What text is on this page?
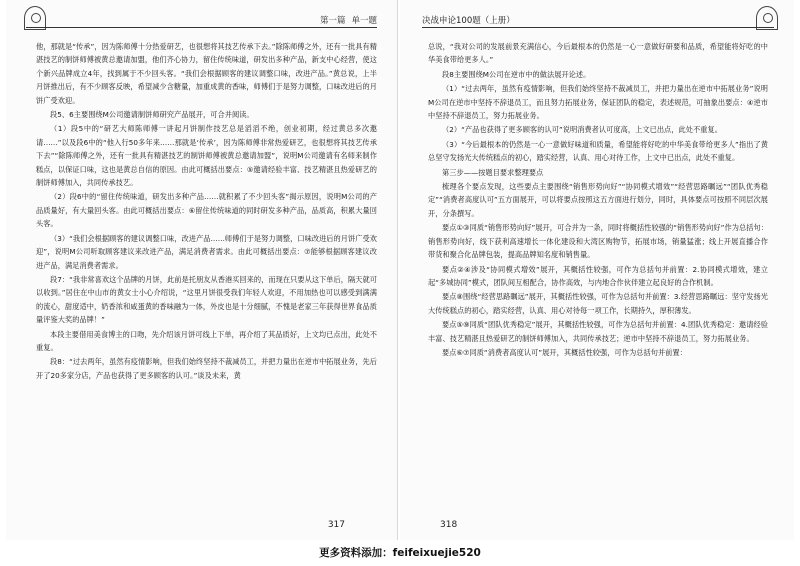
第一篇 单一题

他，那就是“传承”，因为陈师傅十分热爱研艺，也很想将其技艺传承下去。”除陈师傅之外，还有一批具有精湛技艺的制饼师傅被黄总邀请加盟，他们齐心协力，留住传统味道，研发出多种产品，新支中心经营，使这个新兴品牌成立4年，找到属于不少回头客。“我们会根据顾客的建议调整口味，改进产品。”黄总说，上半月饼推出后，有不少顾客反映，希望减少含糖量，加重成黄的香味，师傅们于是努力调整，口味改进后的月饼广受欢迎。

段5、6主要围绕M公司邀请制饼师研究产品展开，可合并阅读。

（1）段5中的“研艺大师陈师傅一讲起月饼制作技艺总是滔滔不绝，创业初期，经过黄总多次邀请……”以及段6中的“他入行50多年来……那就是‘传承’，因为陈师傅非常热爱研艺，也很想将其技艺传承下去”“除陈师傅之外，还有一批具有精湛技艺的制饼师傅被黄总邀请加盟”，说明M公司邀请有名师来制作糕点，以保证口味，这也是黄总自信的原因。由此可概括出要点：⑤邀请经验丰富、技艺精湛且热爱研艺的制饼师傅加入，共同传承技艺。

（2）段6中的“留住传统味道，研发出多种产品……就积累了不少回头客”揭示原因，说明M公司的产品质量好，有大量回头客。由此可概括出要点：⑥留住传统味道的同时研发多种产品，品质高，积累大量回头客。

（3）“我们会根据顾客的建议调整口味，改进产品……师傅们于是努力调整，口味改进后的月饼广受欢迎”，说明M公司听取顾客建议来改进产品，满足消费者需求。由此可概括出要点：⑦能够根据顾客建议改进产品，满足消费者需求。

段7：“我非常喜欢这个品牌的月饼，此前是托朋友从香港买回来的，而现在只要从这下单后，隔天就可以收到。”居住在中山市的黄女士小心介绍说，“这里月饼很受我们年轻人欢迎，不用加热也可以感受到满满的流心，甜度适中，奶香浓和咸蛋黄的香味融为一体，外皮也是十分细腻，不愧是老家三年获得世界食品质量评鉴大奖的品牌！”

本段主要借用美食博主的口吻，先介绍该月饼可线上下单，再介绍了其品质好，上文均已点出，此处不重复。

段8：“过去两年，虽然有疫情影响，但我们始终坚持不裁减员工，并把力量出在逆市中拓展业务，先后开了20多家分店，产品也获得了更多顾客的认可。”谈及未来，黄

317
决战申论100题（上册）

总说，“我对公司的发展前景充满信心，今后最根本的仍然是一心一意做好研要和品质，希望能将好吃的中华美食带给更多人。”

段8主要围绕M公司在逆市中的做法展开论述。

（1）“过去两年，虽然有疫情影响，但我们始终坚持不裁减员工，并把力量出在逆市中拓展业务”说明M公司在逆市中坚持不辞退员工，而且努力拓展业务，保证团队的稳定，表述规范，可抽象出要点：④逆市中坚持不辞退员工，努力拓展业务。

（2）“产品也获得了更多顾客的认可”说明消费者认可度高，上文已出点，此处不重复。

（3）“今后最根本的仍然是一心一意做好味道和质量，希望能将好吃的中华美食带给更多人”指出了黄总坚守发扬光大传统糕点的初心，踏实经营，认真、用心对待工作，上文中已出点，此处不重复。

第三步——按题目要求整理要点

梳理各个要点发现，这些要点主要围绕“销售形势向好”“协同模式增效”“经营思路瞩远”“团队优秀稳定”“消费者高度认可”五方面展开，可以将要点按照这五方面进行划分，同时，具体要点可按照不同层次展开，分条撰写。

要点①③同质“销售形势向好”展开，可合并为一条，同时将概括性较强的“销售形势向好”作为总括句：销售形势向好，线下获利高速增长一体化建设和大湾区购物节，拓展市场，销量猛涨；线上开展直播合作带货和聚合化品牌包装，提高品牌知名度和销售量。

要点②④涉及“协同模式增效”展开，其概括性较强，可作为总括句并前置：2.协同模式增效，建立起“多城协同”模式，团队间互相配合，协作高效，与内地合作伙伴建立起良好的合作机制。

要点⑧围绕“经营思路瞩远”展开，其概括性较强，可作为总括句并前置：3.经营思路瞩远：坚守发扬光大传统糕点的初心，踏实经营，认真、用心对待每一项工作，长期持久，厚积薄发。

要点⑤⑨同质“团队优秀稳定”展开，其概括性较强，可作为总括句并前置：4.团队优秀稳定：邀请经验丰富、技艺精湛且热爱研艺的制饼师傅加入，共同传承技艺；逆市中坚持不辞退员工，努力拓展业务。

要点⑥⑦同质“消费者高度认可”展开，其概括性较强，可作为总括句并前置：

318
更多资料添加：feifeixuejie520
